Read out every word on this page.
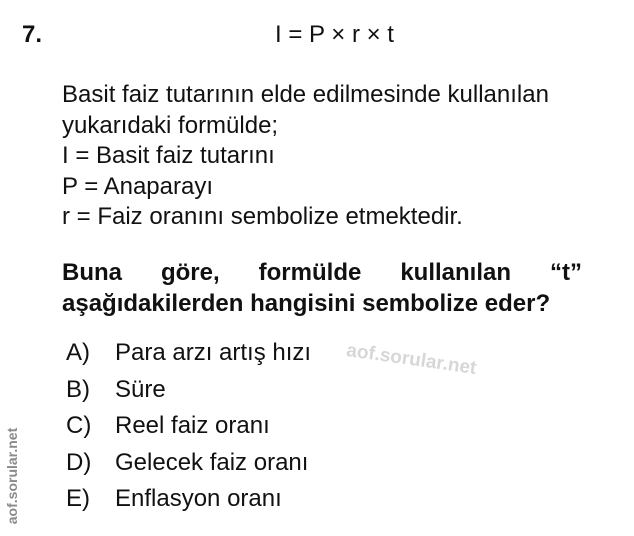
7.	I = P × r × t
Basit faiz tutarının elde edilmesinde kullanılan
yukarıdaki formülde;
I = Basit faiz tutarını
P = Anaparayı
r = Faiz oranını sembolize etmektedir.
Buna göre, formülde kullanılan “t”
aşağıdakilerden hangisini sembolize eder?
A) Para arzı artış hızı
B) Süre
C) Reel faiz oranı
D) Gelecek faiz oranı
E) Enflasyon oranı
aof.sorular.net
aof.sorular.net
